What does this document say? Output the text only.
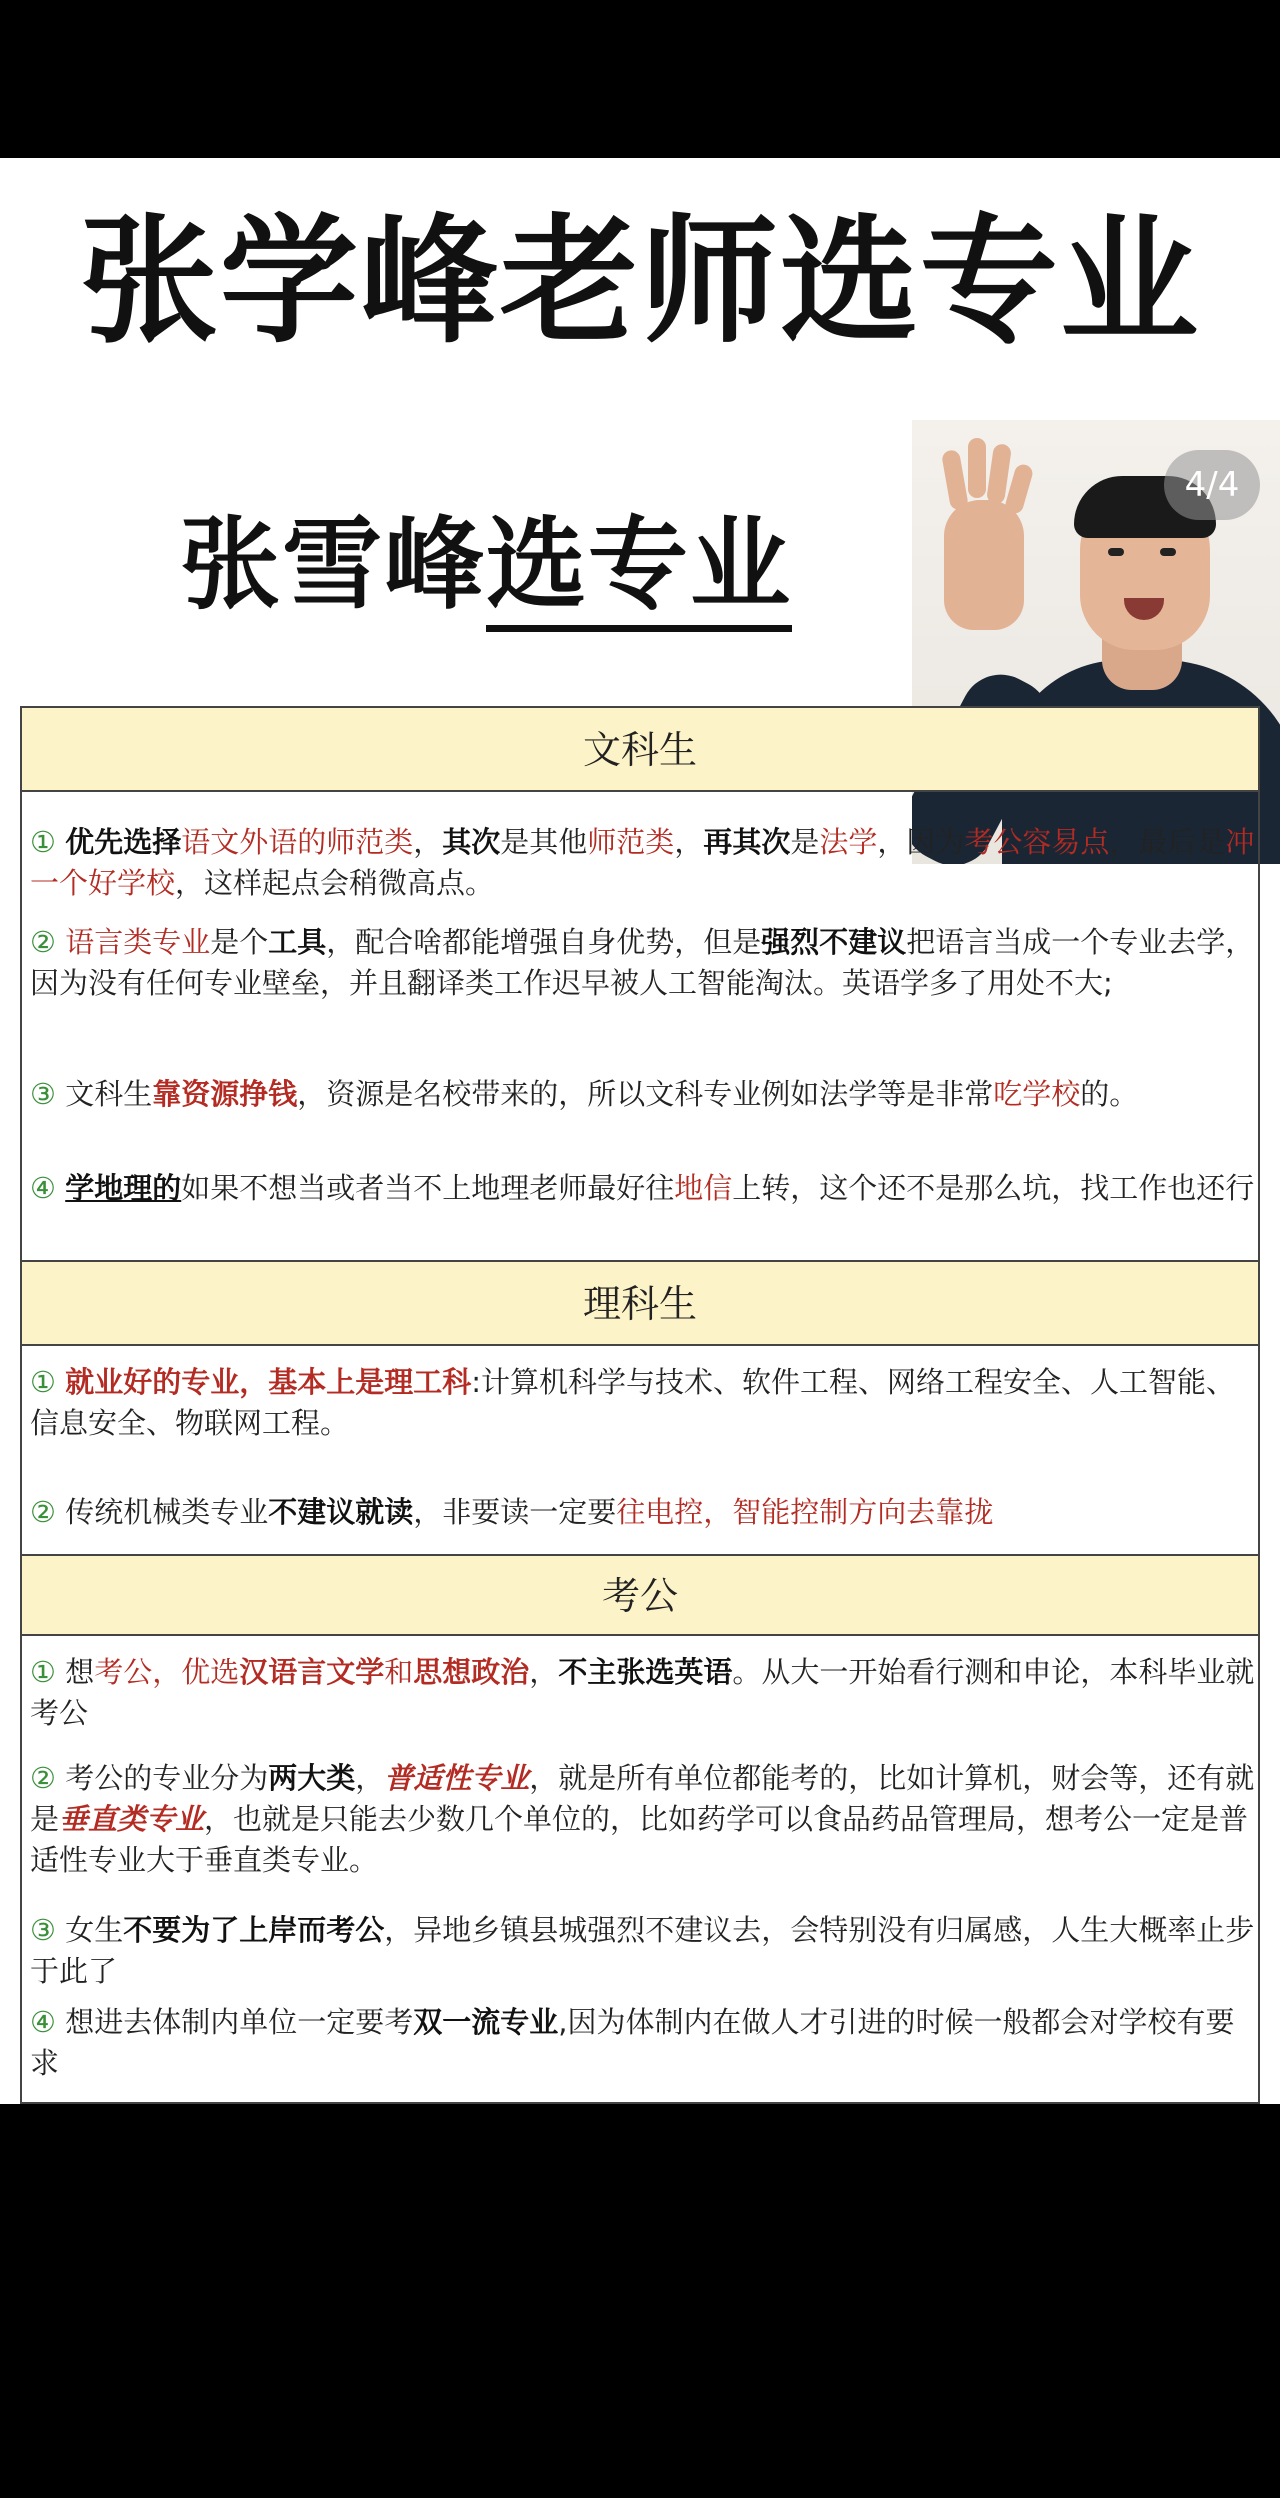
张学峰老师选专业
张雪峰选专业
4/4
文科生
① 优先选择语文外语的师范类，其次是其他师范类，再其次是法学，因为考公容易点，最后是冲一个好学校，这样起点会稍微高点。
② 语言类专业是个工具，配合啥都能增强自身优势，但是强烈不建议把语言当成一个专业去学，因为没有任何专业壁垒，并且翻译类工作迟早被人工智能淘汰。英语学多了用处不大;
③ 文科生靠资源挣钱，资源是名校带来的，所以文科专业例如法学等是非常吃学校的。
④ 学地理的如果不想当或者当不上地理老师最好往地信上转，这个还不是那么坑，找工作也还行
理科生
① 就业好的专业，基本上是理工科:计算机科学与技术、软件工程、网络工程安全、人工智能、信息安全、物联网工程。
② 传统机械类专业不建议就读，非要读一定要往电控，智能控制方向去靠拢
考公
① 想考公，优选汉语言文学和思想政治，不主张选英语。从大一开始看行测和申论，本科毕业就考公
② 考公的专业分为两大类，普适性专业，就是所有单位都能考的，比如计算机，财会等，还有就是垂直类专业，也就是只能去少数几个单位的，比如药学可以食品药品管理局，想考公一定是普适性专业大于垂直类专业。
③ 女生不要为了上岸而考公，异地乡镇县城强烈不建议去，会特别没有归属感，人生大概率止步于此了
④ 想进去体制内单位一定要考双一流专业,因为体制内在做人才引进的时候一般都会对学校有要求
